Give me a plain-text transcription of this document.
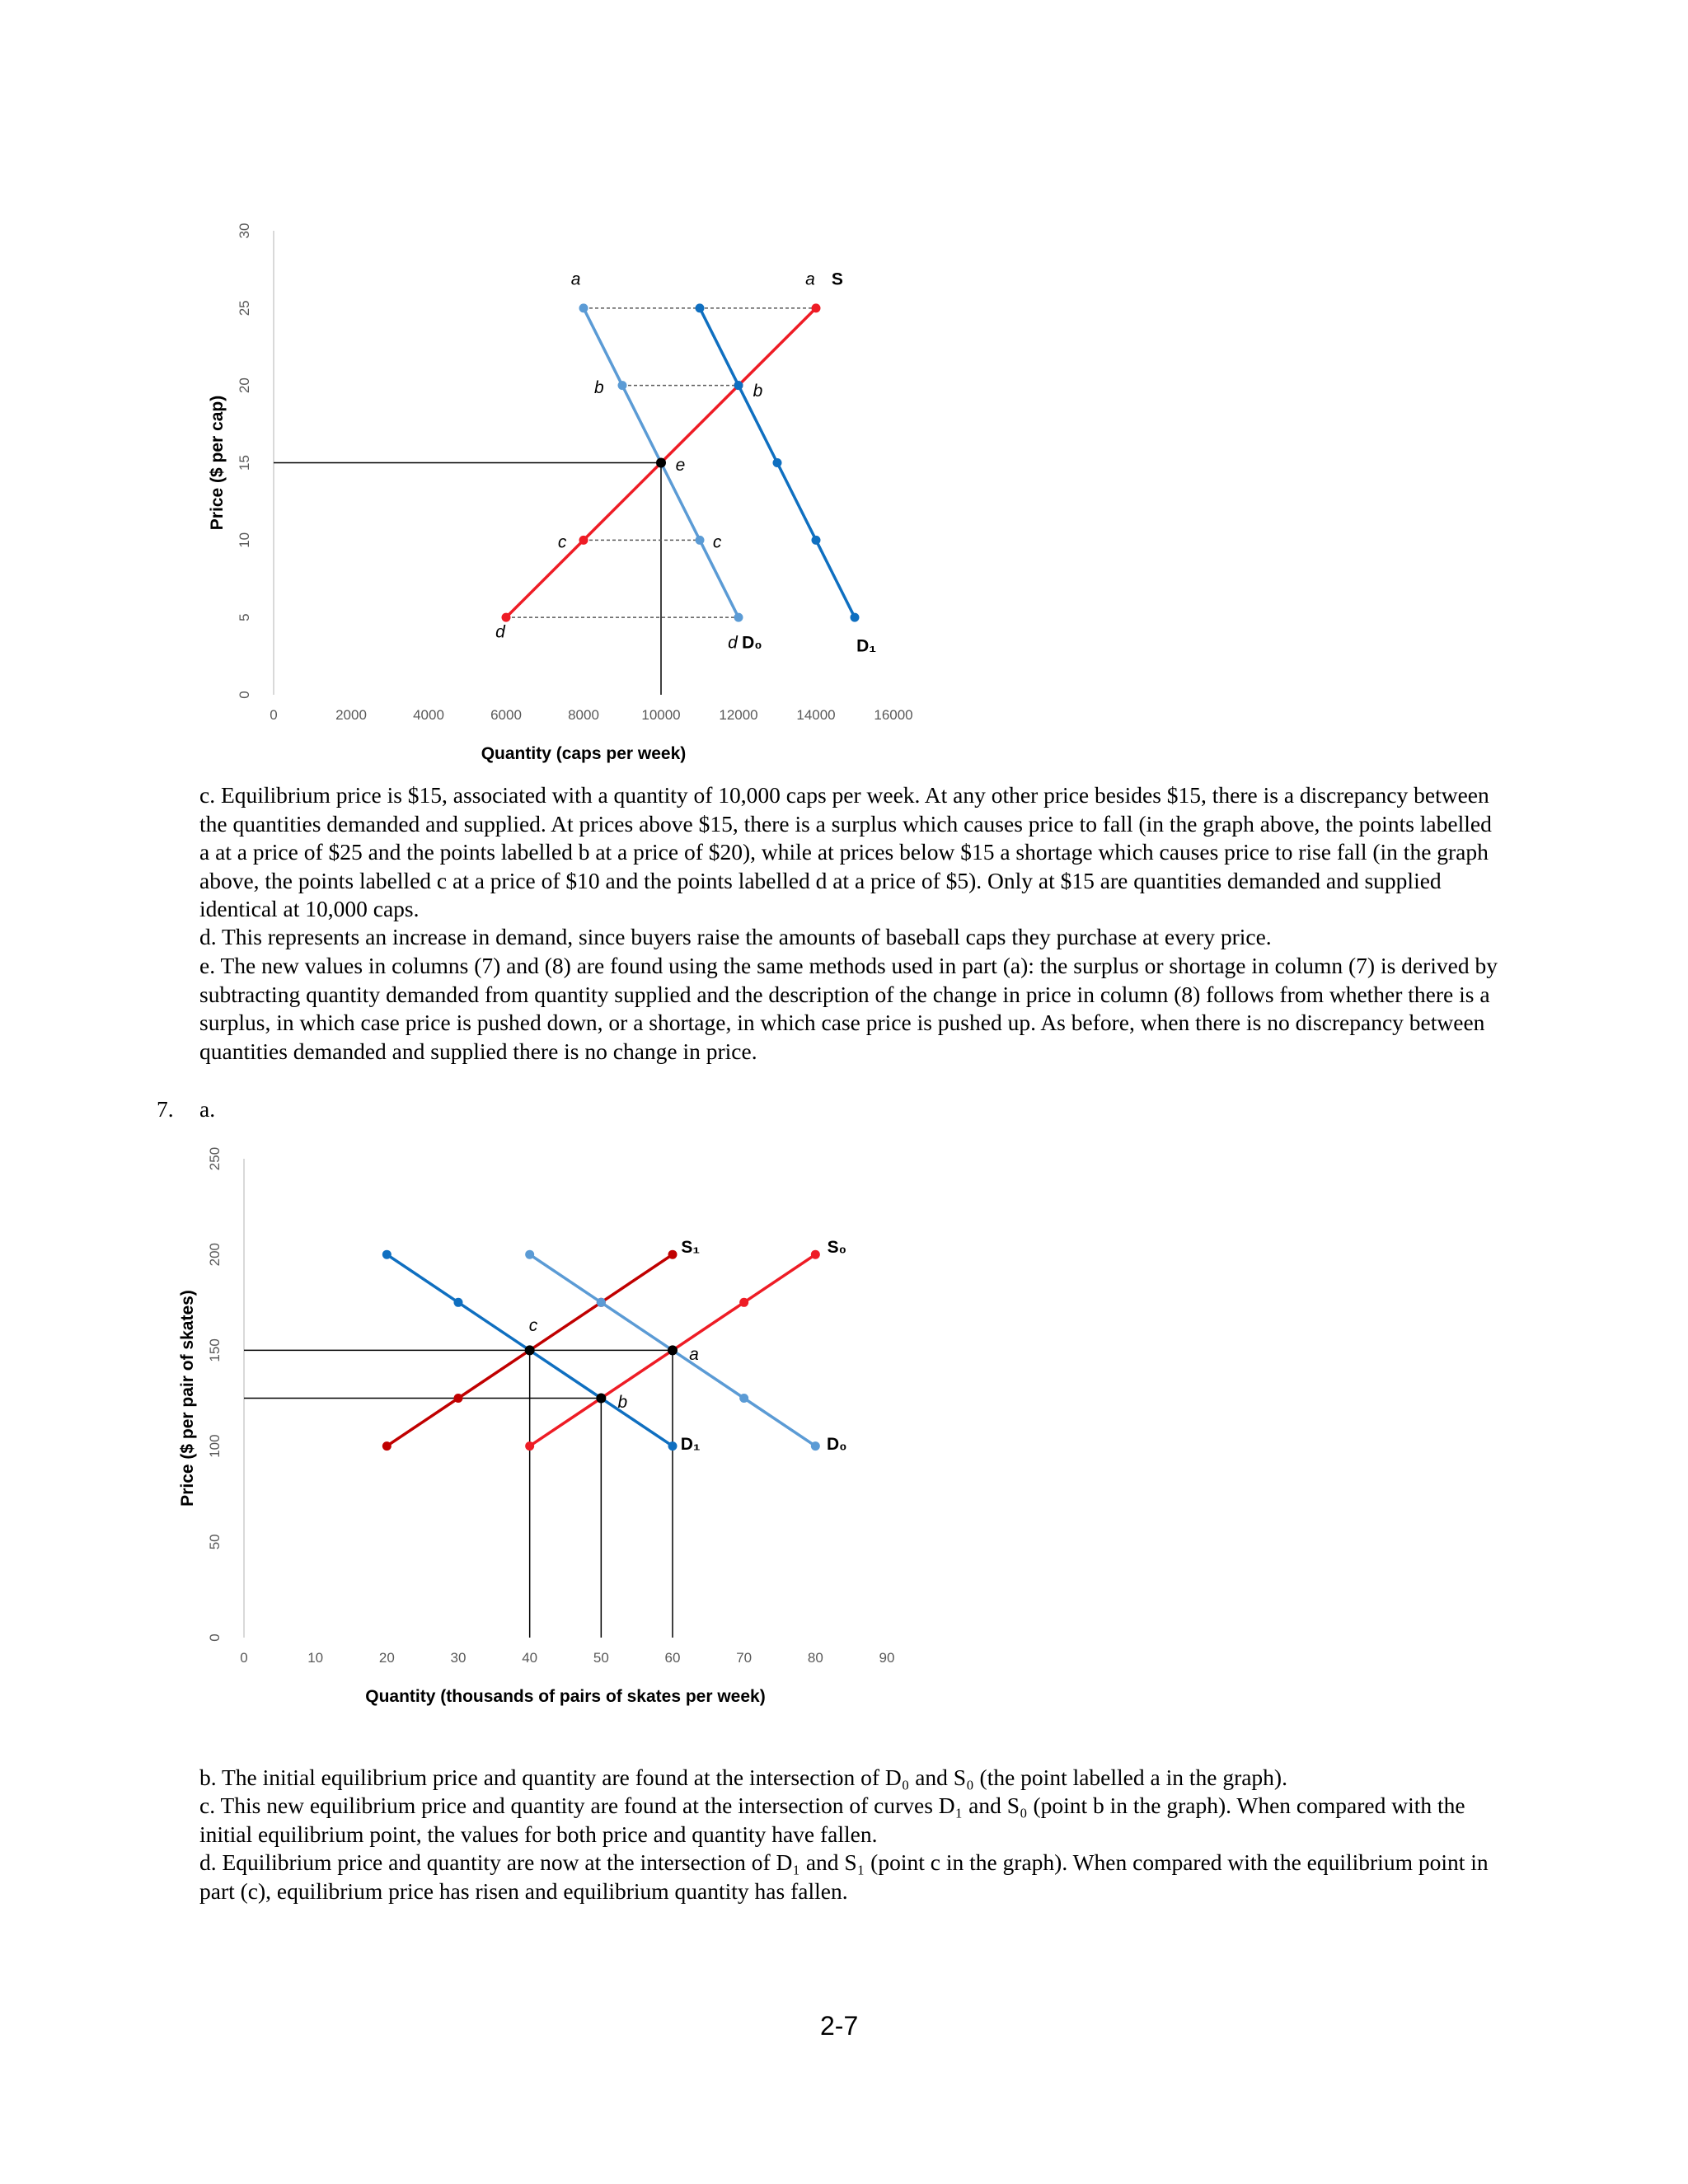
0
5
10
15
20
25
30
0	2000	4000	6000	8000	10000	12000	14000	16000
Quantity (caps per week)
Price ($ per cap)
a	a S
b	b
e
c	c
d
d D₀	D₁

c. Equilibrium price is $15, associated with a quantity of 10,000 caps per week. At any other price besides $15, there is a discrepancy between the quantities demanded and supplied. At prices above $15, there is a surplus which causes price to fall (in the graph above, the points labelled a at a price of $25 and the points labelled b at a price of $20), while at prices below $15 a shortage which causes price to rise fall (in the graph above, the points labelled c at a price of $10 and the points labelled d at a price of $5). Only at $15 are quantities demanded and supplied identical at 10,000 caps.

d. This represents an increase in demand, since buyers raise the amounts of baseball caps they purchase at every price.

e. The new values in columns (7) and (8) are found using the same methods used in part (a): the surplus or shortage in column (7) is derived by subtracting quantity demanded from quantity supplied and the description of the change in price in column (8) follows from whether there is a surplus, in which case price is pushed down, or a shortage, in which case price is pushed up. As before, when there is no discrepancy between quantities demanded and supplied there is no change in price.

7. a.
0
50
100
150
200
250
0	10	20	30	40	50	60	70	80	90
Quantity (thousands of pairs of skates per week)
Price ($ per pair of skates)
S₁	S₀
c
a
b
D₁	D₀

b. The initial equilibrium price and quantity are found at the intersection of D₀ and S₀ (the point labelled a in the graph).

c. This new equilibrium price and quantity are found at the intersection of curves D₁ and S₀ (point b in the graph). When compared with the initial equilibrium point, the values for both price and quantity have fallen.

d. Equilibrium price and quantity are now at the intersection of D₁ and S₁ (point c in the graph). When compared with the equilibrium point in part (c), equilibrium price has risen and equilibrium quantity has fallen.

2-7
